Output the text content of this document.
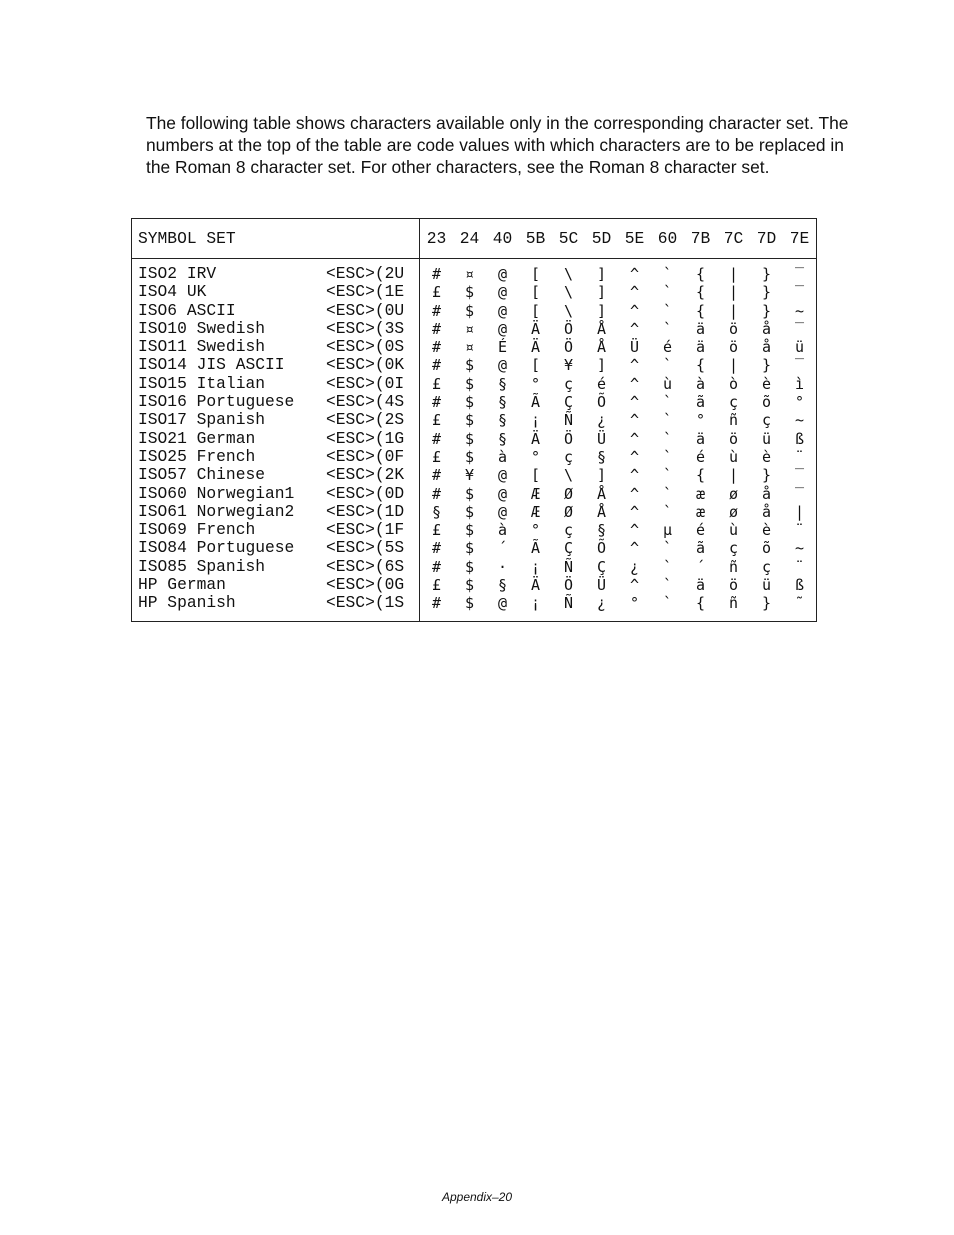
The following table shows characters available only in the corresponding character set. The numbers at the top of the table are code values with which characters are to be replaced in the Roman 8 character set. For other characters, see the Roman 8 character set.

SYMBOL SET	23	24	40	5B	5C	5D	5E	60	7B	7C	7D	7E
ISO2 IRV <ESC>(2U	#	¤	@	[	\	]	^	`	{	|	}	‾
ISO4 UK <ESC>(1E	£	$	@	[	\	]	^	`	{	|	}	‾
ISO6 ASCII <ESC>(0U	#	$	@	[	\	]	^	`	{	|	}	~
ISO10 Swedish <ESC>(3S	#	¤	@	Ä	Ö	Å	^	`	ä	ö	å	‾
ISO11 Swedish <ESC>(0S	#	¤	É	Ä	Ö	Å	Ü	é	ä	ö	å	ü
ISO14 JIS ASCII <ESC>(0K	#	$	@	[	¥	]	^	`	{	|	}	‾
ISO15 Italian <ESC>(0I	£	$	§	°	ç	é	^	ù	à	ò	è	ì
ISO16 Portuguese <ESC>(4S	#	$	§	Ã	Ç	Õ	^	`	ã	ç	õ	°
ISO17 Spanish <ESC>(2S	£	$	§	¡	Ñ	¿	^	`	°	ñ	ç	~
ISO21 German <ESC>(1G	#	$	§	Ä	Ö	Ü	^	`	ä	ö	ü	ß
ISO25 French <ESC>(0F	£	$	à	°	ç	§	^	`	é	ù	è	¨
ISO57 Chinese <ESC>(2K	#	¥	@	[	\	]	^	`	{	|	}	‾
ISO60 Norwegian1 <ESC>(0D	#	$	@	Æ	Ø	Å	^	`	æ	ø	å	‾
ISO61 Norwegian2 <ESC>(1D	§	$	@	Æ	Ø	Å	^	`	æ	ø	å	|
ISO69 French <ESC>(1F	£	$	à	°	ç	§	^	µ	é	ù	è	¨
ISO84 Portuguese <ESC>(5S	#	$	´	Ã	Ç	Õ	^	`	ã	ç	õ	~
ISO85 Spanish <ESC>(6S	#	$	·	¡	Ñ	Ç	¿	`	´	ñ	ç	¨
HP German <ESC>(0G	£	$	§	Ä	Ö	Ü	^	`	ä	ö	ü	ß
HP Spanish <ESC>(1S	#	$	@	¡	Ñ	¿	°	`	{	ñ	}	˜
Appendix–20
